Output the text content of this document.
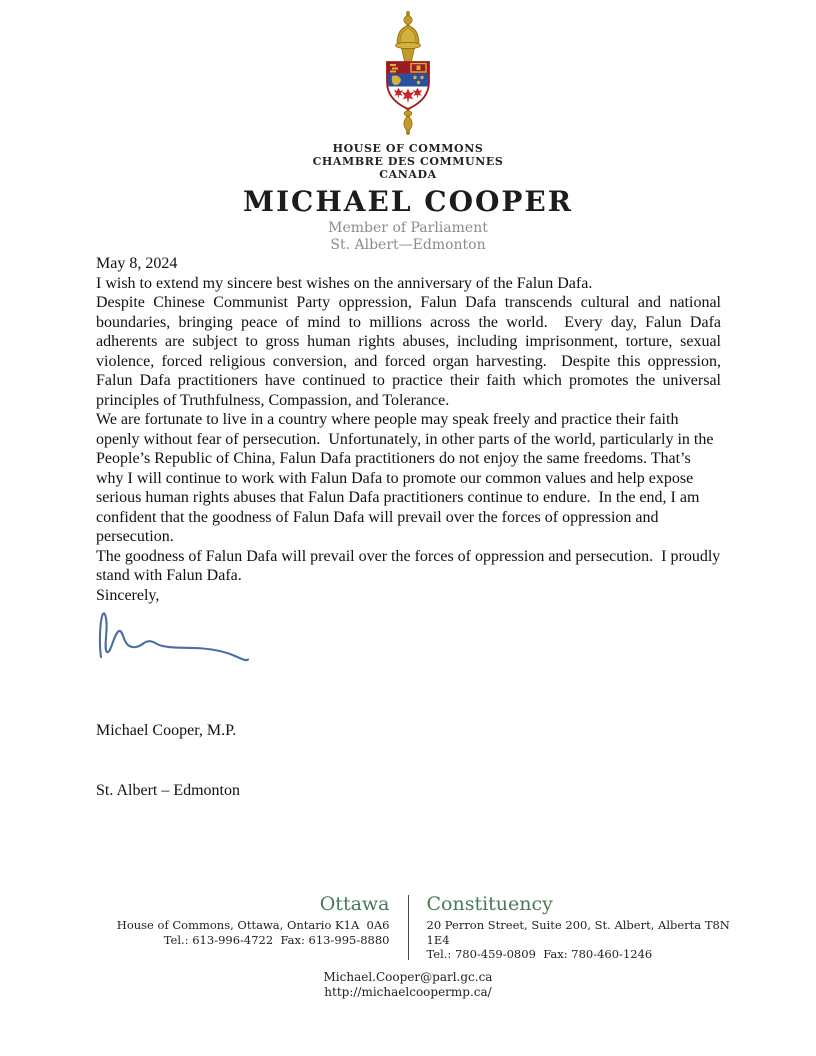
HOUSE OF COMMONS
CHAMBRE DES COMMUNES
CANADA
MICHAEL COOPER
Member of Parliament
St. Albert—Edmonton

May 8, 2024

I wish to extend my sincere best wishes on the anniversary of the Falun Dafa.

Despite Chinese Communist Party oppression, Falun Dafa transcends cultural and national boundaries, bringing peace of mind to millions across the world.  Every day, Falun Dafa adherents are subject to gross human rights abuses, including imprisonment, torture, sexual violence, forced religious conversion, and forced organ harvesting.  Despite this oppression, Falun Dafa practitioners have continued to practice their faith which promotes the universal principles of Truthfulness, Compassion, and Tolerance.

We are fortunate to live in a country where people may speak freely and practice their faith openly without fear of persecution.  Unfortunately, in other parts of the world, particularly in the People’s Republic of China, Falun Dafa practitioners do not enjoy the same freedoms. That’s why I will continue to work with Falun Dafa to promote our common values and help expose serious human rights abuses that Falun Dafa practitioners continue to endure.  In the end, I am confident that the goodness of Falun Dafa will prevail over the forces of oppression and persecution.

The goodness of Falun Dafa will prevail over the forces of oppression and persecution.  I proudly stand with Falun Dafa.

Sincerely,

Michael Cooper, M.P.

St. Albert – Edmonton

Ottawa
House of Commons, Ottawa, Ontario K1A  0A6
Tel.: 613-996-4722  Fax: 613-995-8880
Constituency
20 Perron Street, Suite 200, St. Albert, Alberta T8N 1E4
Tel.: 780-459-0809  Fax: 780-460-1246
Michael.Cooper@parl.gc.ca
http://michaelcoopermp.ca/
